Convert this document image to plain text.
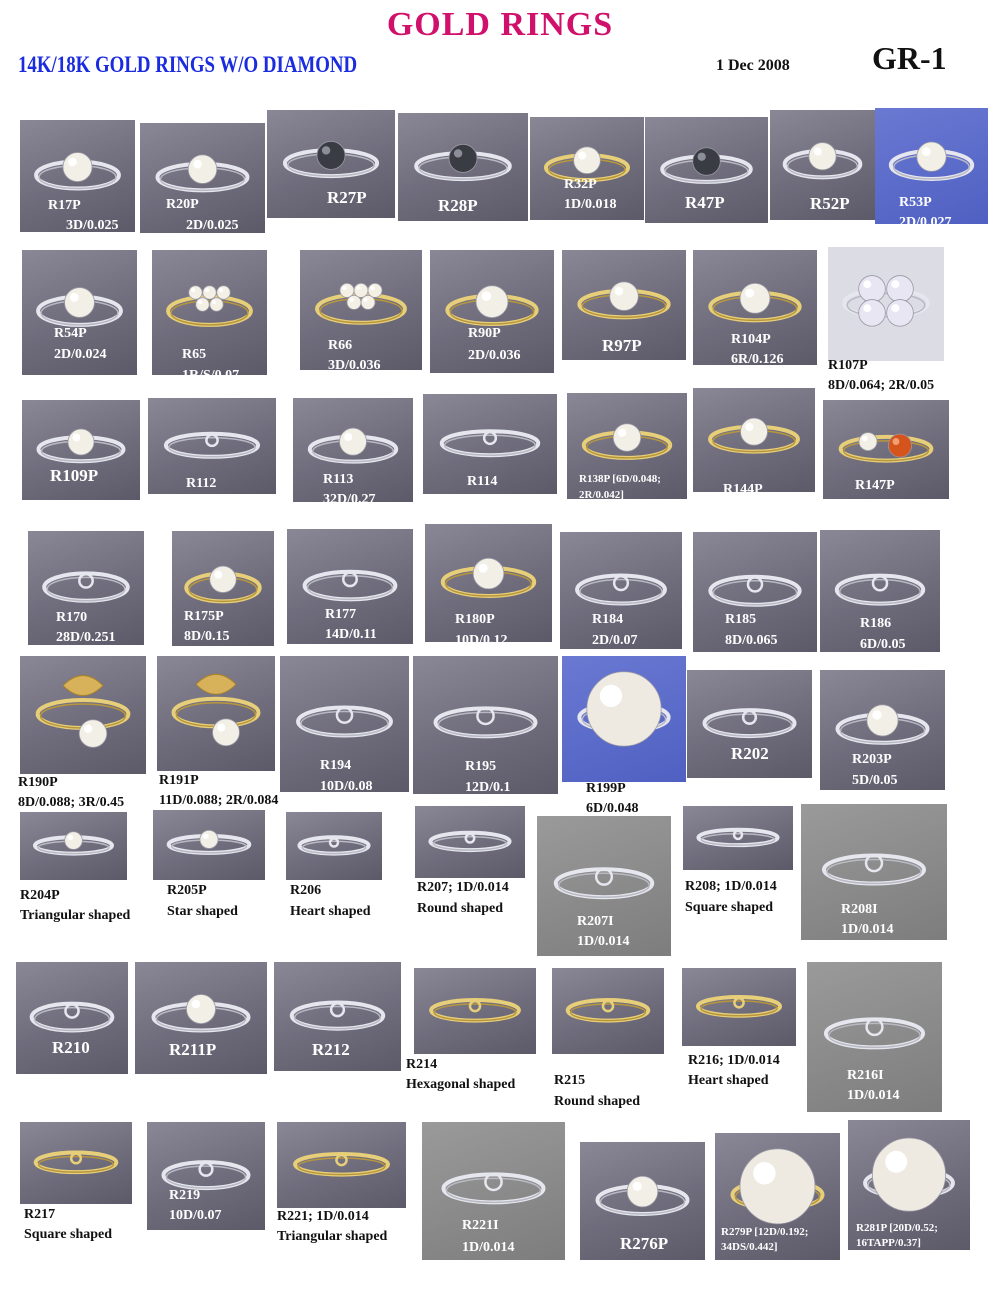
GOLD RINGS
14K/18K GOLD RINGS W/O DIAMOND	1 Dec 2008	GR-1
R17P
3D/0.025
R20P
2D/0.025
R27P	R28P
R32P
1D/0.018	R47P	R52P	R53P
2D/0.027
R54P
2D/0.024	R65
1R/S/0.07
R66
3D/0.036
R90P
2D/0.036
R97P	R104P
6R/0.126	R107P
8D/0.064; 2R/0.05
R109P	R112
22D/0.2
R113
32D/0.27
R114
50D/0.45
R138P [6D/0.048;
2R/0.042]	R144P
6D/0.048
R147P
8D/0.064
R170
28D/0.251
R175P
8D/0.15
R177
14D/0.11
R180P
10D/0.12
R184
2D/0.07
R185
8D/0.065
R186
6D/0.05
R190P
8D/0.088; 3R/0.45
R191P
11D/0.088; 2R/0.084
R194
10D/0.08
R195
12D/0.1	R199P
6D/0.048
R202	R203P
5D/0.05
R204P
Triangular shaped
R205P
Star shaped
R206
Heart shaped
R207; 1D/0.014
Round shaped
R207I
1D/0.014
R208; 1D/0.014
Square shaped	R208I
1D/0.014
R210	R211P	R212
R214
Hexagonal shaped	R215
Round shaped
R216; 1D/0.014
Heart shaped	R216I
1D/0.014
R217
Square shaped
R219
10D/0.07	R221; 1D/0.014
Triangular shaped
R221I
1D/0.014	R276P
R279P [12D/0.192;
34DS/0.442]
R281P [20D/0.52;
16TAPP/0.37]
